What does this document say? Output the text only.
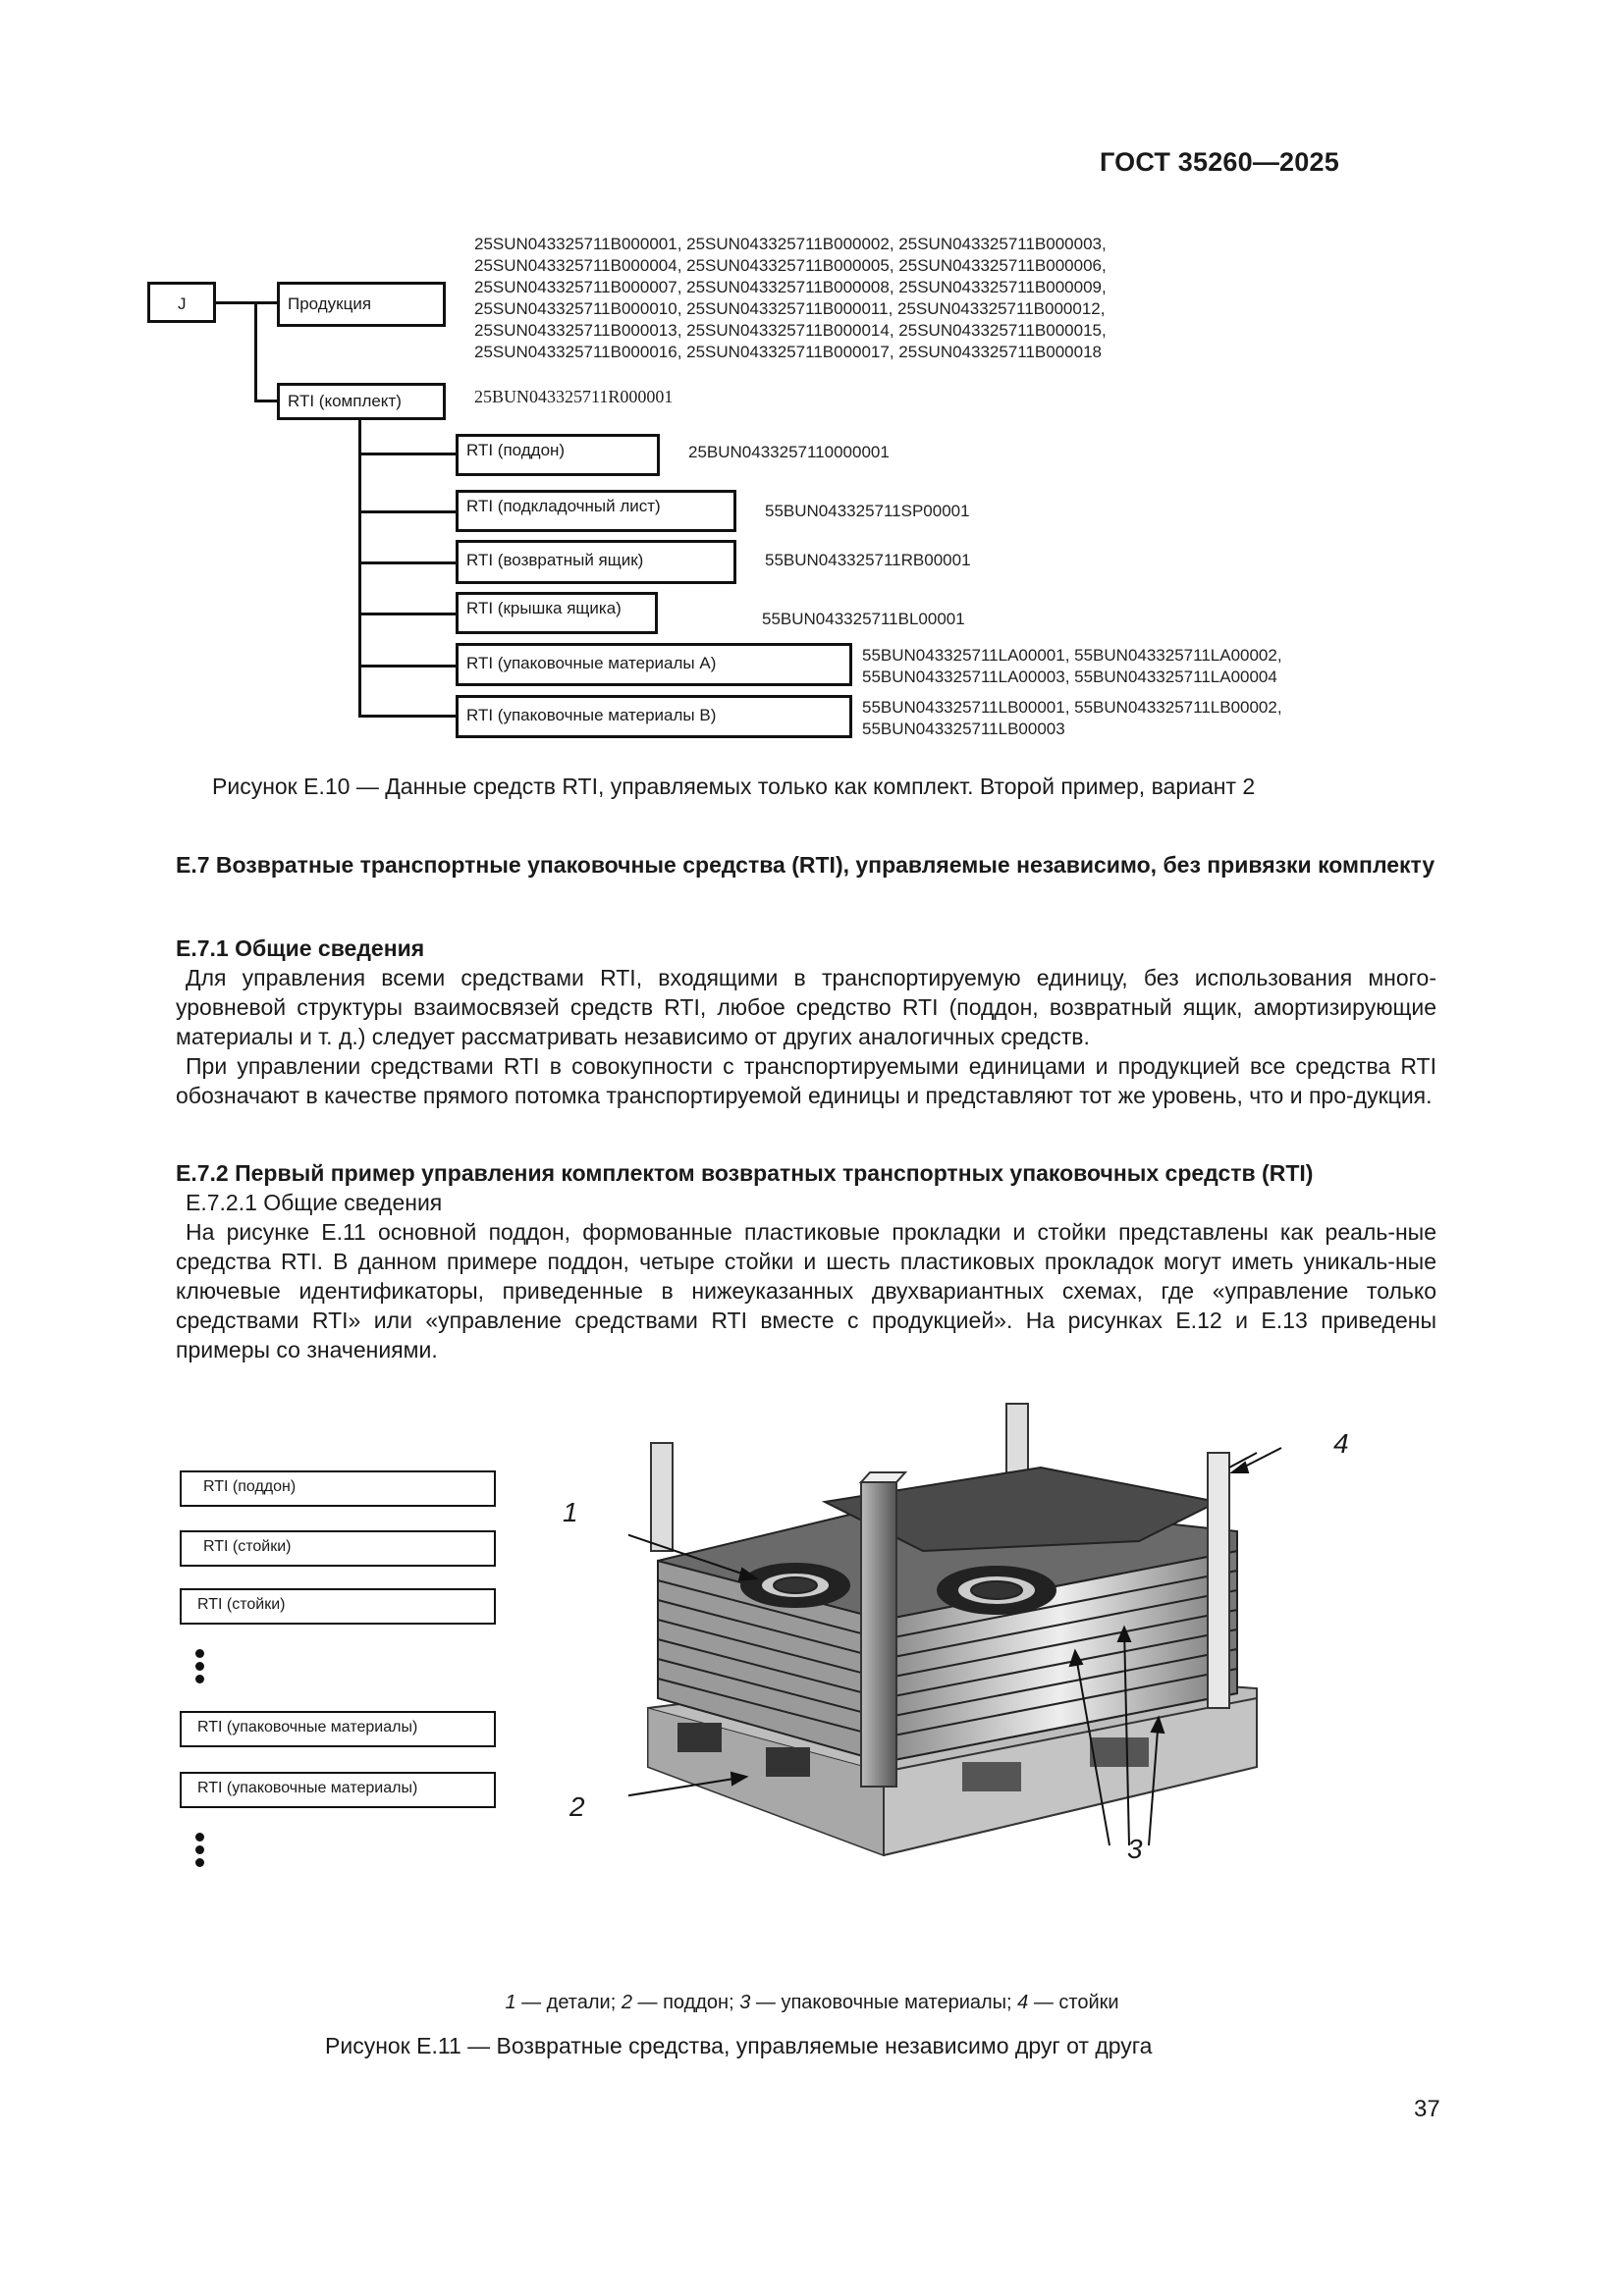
ГОСТ 35260—2025
J	Продукция
RTI (комплект)
RTI (поддон)
RTI (подкладочный лист)
RTI (возвратный ящик)
RTI (крышка ящика)
RTI (упаковочные материалы A)
RTI (упаковочные материалы B)
25SUN043325711B000001, 25SUN043325711B000002, 25SUN043325711B000003,
25SUN043325711B000004, 25SUN043325711B000005, 25SUN043325711B000006,
25SUN043325711B000007, 25SUN043325711B000008, 25SUN043325711B000009,
25SUN043325711B000010, 25SUN043325711B000011, 25SUN043325711B000012,
25SUN043325711B000013, 25SUN043325711B000014, 25SUN043325711B000015,
25SUN043325711B000016, 25SUN043325711B000017, 25SUN043325711B000018
25BUN043325711R000001
25BUN0433257110000001
55BUN043325711SP00001
55BUN043325711RB00001
55BUN043325711BL00001
55BUN043325711LA00001, 55BUN043325711LA00002,
55BUN043325711LA00003, 55BUN043325711LA00004
55BUN043325711LB00001, 55BUN043325711LB00002,
55BUN043325711LB00003
Рисунок Е.10 — Данные средств RTI, управляемых только как комплект. Второй пример, вариант 2
Е.7 Возвратные транспортные упаковочные средства (RTI), управляемые независимо, без привязки комплекту
Е.7.1 Общие сведения

Для управления всеми средствами RTI, входящими в транспортируемую единицу, без использования много-уровневой структуры взаимосвязей средств RTI, любое средство RTI (поддон, возвратный ящик, амортизирующие материалы и т. д.) следует рассматривать независимо от других аналогичных средств.

При управлении средствами RTI в совокупности с транспортируемыми единицами и продукцией все средства RTI обозначают в качестве прямого потомка транспортируемой единицы и представляют тот же уровень, что и про-дукция.

Е.7.2 Первый пример управления комплектом возвратных транспортных упаковочных средств (RTI)

Е.7.2.1 Общие сведения

На рисунке Е.11 основной поддон, формованные пластиковые прокладки и стойки представлены как реаль-ные средства RTI. В данном примере поддон, четыре стойки и шесть пластиковых прокладок могут иметь уникаль-ные ключевые идентификаторы, приведенные в нижеуказанных двухвариантных схемах, где «управление только средствами RTI» или «управление средствами RTI вместе с продукцией». На рисунках Е.12 и Е.13 приведены примеры со значениями.

RTI (поддон)
RTI (стойки)
RTI (стойки)
RTI (упаковочные материалы)
RTI (упаковочные материалы)
1
2
3
4
1 — детали; 2 — поддон; 3 — упаковочные материалы; 4 — стойки
Рисунок Е.11 — Возвратные средства, управляемые независимо друг от друга
37
